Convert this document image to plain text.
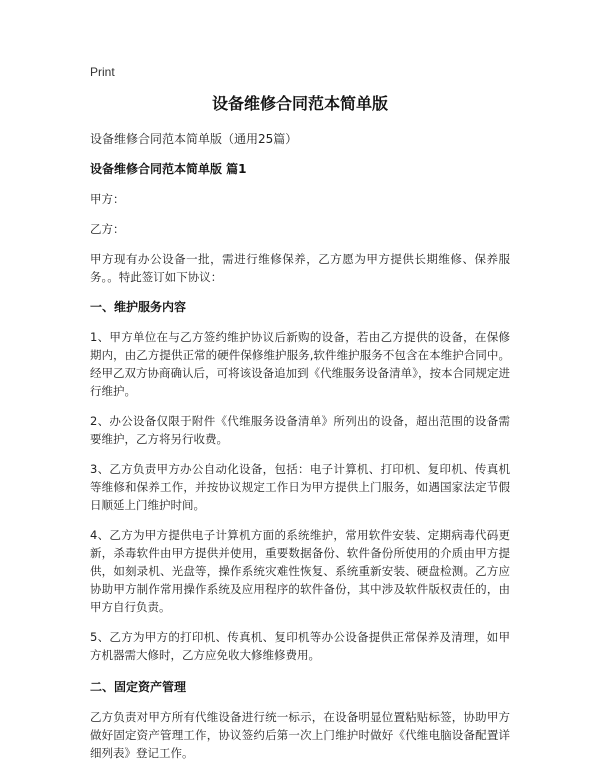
Print
设备维修合同范本简单版
设备维修合同范本简单版（通用25篇）
设备维修合同范本简单版 篇1
甲方：
乙方：
甲方现有办公设备一批，需进行维修保养，乙方愿为甲方提供长期维修、保养服务。。特此签订如下协议：
一、维护服务内容
1、甲方单位在与乙方签约维护协议后新购的设备，若由乙方提供的设备，在保修期内，由乙方提供正常的硬件保修维护服务,软件维护服务不包含在本维护合同中。经甲乙双方协商确认后，可将该设备追加到《代维服务设备清单》，按本合同规定进行维护。
2、办公设备仅限于附件《代维服务设备清单》所列出的设备，超出范围的设备需要维护，乙方将另行收费。
3、乙方负责甲方办公自动化设备，包括：电子计算机、打印机、复印机、传真机等维修和保养工作，并按协议规定工作日为甲方提供上门服务，如遇国家法定节假日顺延上门维护时间。
4、乙方为甲方提供电子计算机方面的系统维护，常用软件安装、定期病毒代码更新，杀毒软件由甲方提供并使用，重要数据备份、软件备份所使用的介质由甲方提供，如刻录机、光盘等，操作系统灾难性恢复、系统重新安装、硬盘检测。乙方应协助甲方制作常用操作系统及应用程序的软件备份，其中涉及软件版权责任的，由甲方自行负责。
5、乙方为甲方的打印机、传真机、复印机等办公设备提供正常保养及清理，如甲方机器需大修时，乙方应免收大修维修费用。
二、固定资产管理
乙方负责对甲方所有代维设备进行统一标示，在设备明显位置粘贴标签，协助甲方做好固定资产管理工作，协议签约后第一次上门维护时做好《代维电脑设备配置详细列表》登记工作。
